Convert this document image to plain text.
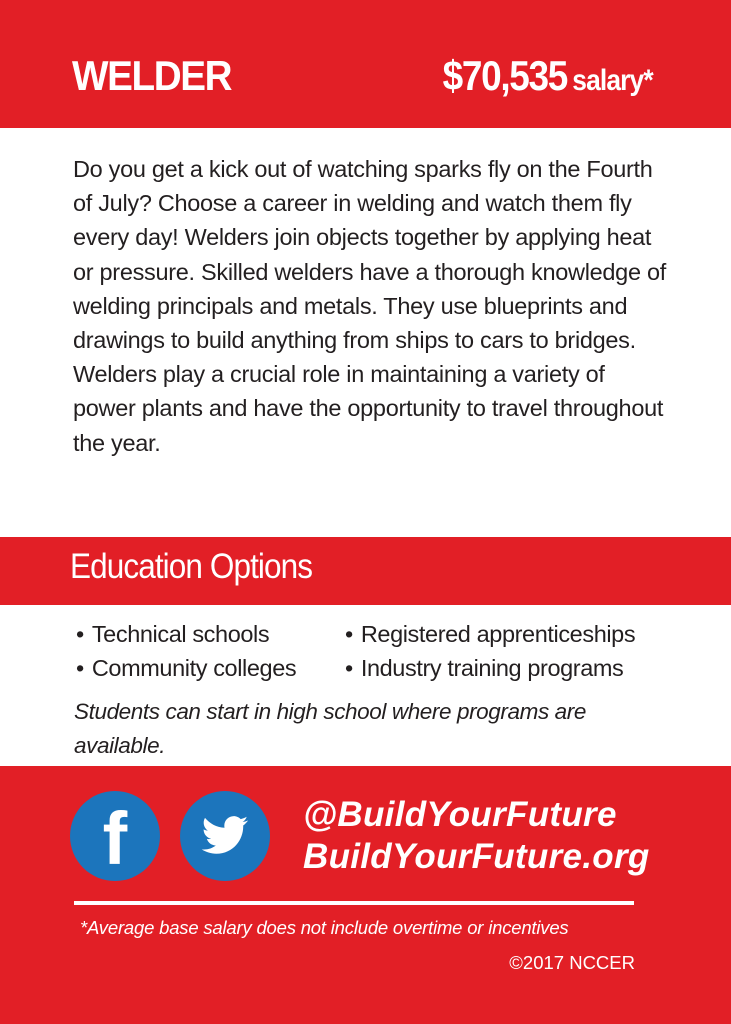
WELDER	$70,535 salary*
Do you get a kick out of watching sparks fly on the Fourth of July? Choose a career in welding and watch them fly every day! Welders join objects together by applying heat or pressure. Skilled welders have a thorough knowledge of welding principals and metals. They use blueprints and drawings to build anything from ships to cars to bridges. Welders play a crucial role in maintaining a variety of power plants and have the opportunity to travel throughout the year.
Education Options
• Technical schools
• Community colleges
• Registered apprenticeships
• Industry training programs
Students can start in high school where programs are available.
f	@BuildYourFuture
BuildYourFuture.org
*Average base salary does not include overtime or incentives
©2017 NCCER
